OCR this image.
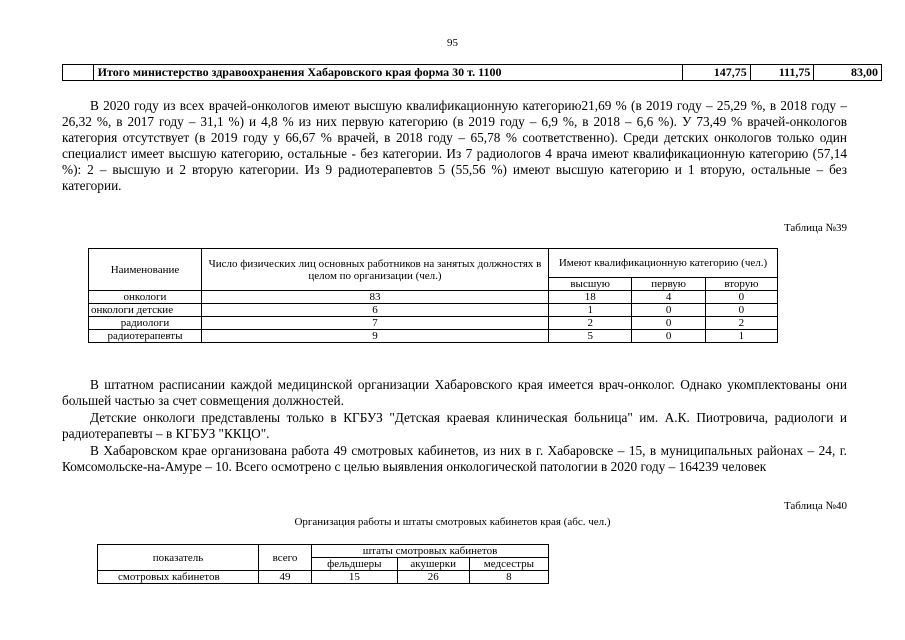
95
	Итого министерство здравоохранения Хабаровского края форма 30 т. 1100	147,75	111,75	83,00

В 2020 году из всех врачей-онкологов имеют высшую квалификационную категорию21,69 % (в 2019 году – 25,29 %, в 2018 году – 26,32 %, в 2017 году – 31,1 %) и 4,8 % из них первую категорию (в 2019 году – 6,9 %, в 2018 – 6,6 %). У 73,49 % врачей-онкологов категория отсутствует (в 2019 году у 66,67 % врачей, в 2018 году – 65,78 % соответственно). Среди детских онкологов только один специалист имеет высшую категорию, остальные - без категории. Из 7 радиологов 4 врача имеют квалификационную категорию (57,14 %): 2 – высшую и 2 вторую категории. Из 9 радиотерапевтов 5 (55,56 %) имеют высшую категорию и 1 вторую, остальные – без категории.

Таблица №39
Наименование	Число физических лиц основных работников на занятых должностях в целом по организации (чел.)	Имеют квалификационную категорию (чел.)		
		высшую	первую	вторую
онкологи	83	18	4	0
онкологи детские	6	1	0	0
радиологи	7	2	0	2
радиотерапевты	9	5	0	1

В штатном расписании каждой медицинской организации Хабаровского края имеется врач-онколог. Однако укомплектованы они большей частью за счет совмещения должностей.

Детские онкологи представлены только в КГБУЗ "Детская краевая клиническая больница" им. А.К. Пиотровича, радиологи и радиотерапевты – в КГБУЗ "ККЦО".

В Хабаровском крае организована работа 49 смотровых кабинетов, из них в г. Хабаровске – 15, в муниципальных районах – 24, г. Комсомольске-на-Амуре – 10. Всего осмотрено с целью выявления онкологической патологии в 2020 году – 164239 человек

Таблица №40
Организация работы и штаты смотровых кабинетов края (абс. чел.)
показатель	всего	штаты смотровых кабинетов		
		фельдшеры	акушерки	медсестры
смотровых кабинетов	49	15	26	8
